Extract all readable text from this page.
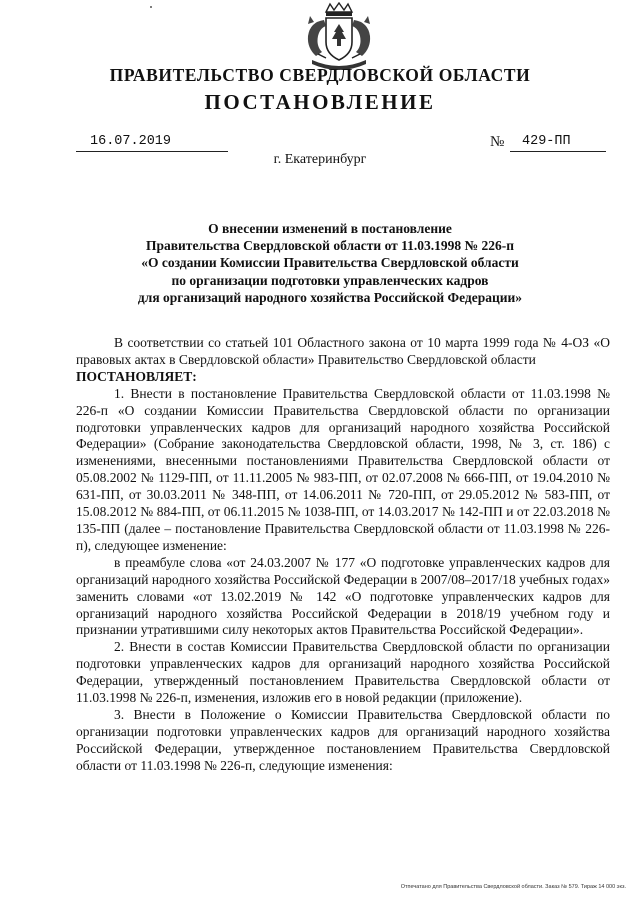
ПРАВИТЕЛЬСТВО СВЕРДЛОВСКОЙ ОБЛАСТИ
ПОСТАНОВЛЕНИЕ
16.07.2019	№ 429-ПП
г. Екатеринбург
О внесении изменений в постановление
Правительства Свердловской области от 11.03.1998 № 226-п
«О создании Комиссии Правительства Свердловской области
по организации подготовки управленческих кадров
для организаций народного хозяйства Российской Федерации»

В соответствии со статьей 101 Областного закона от 10 марта 1999 года № 4-ОЗ «О правовых актах в Свердловской области» Правительство Свердловской области

ПОСТАНОВЛЯЕТ:

1. Внести в постановление Правительства Свердловской области от 11.03.1998 № 226-п «О создании Комиссии Правительства Свердловской области по организации подготовки управленческих кадров для организаций народного хозяйства Российской Федерации» (Собрание законодательства Свердловской области, 1998, № 3, ст. 186) с изменениями, внесенными постановлениями Правительства Свердловской области от 05.08.2002 № 1129-ПП, от 11.11.2005 № 983-ПП, от 02.07.2008 № 666-ПП, от 19.04.2010 № 631-ПП, от 30.03.2011 № 348-ПП, от 14.06.2011 № 720-ПП, от 29.05.2012 № 583-ПП, от 15.08.2012 № 884-ПП, от 06.11.2015 № 1038-ПП, от 14.03.2017 № 142-ПП и от 22.03.2018 № 135-ПП (далее – постановление Правительства Свердловской области от 11.03.1998 № 226-п), следующее изменение:

в преамбуле слова «от 24.03.2007 № 177 «О подготовке управленческих кадров для организаций народного хозяйства Российской Федерации в 2007/08–2017/18 учебных годах» заменить словами «от 13.02.2019 № 142 «О подготовке управленческих кадров для организаций народного хозяйства Российской Федерации в 2018/19 учебном году и признании утратившими силу некоторых актов Правительства Российской Федерации».

2. Внести в состав Комиссии Правительства Свердловской области по организации подготовки управленческих кадров для организаций народного хозяйства Российской Федерации, утвержденный постановлением Правительства Свердловской области от 11.03.1998 № 226-п, изменения, изложив его в новой редакции (приложение).

3. Внести в Положение о Комиссии Правительства Свердловской области по организации подготовки управленческих кадров для организаций народного хозяйства Российской Федерации, утвержденное постановлением Правительства Свердловской области от 11.03.1998 № 226-п, следующие изменения:

Отпечатано для Правительства Свердловской области. Заказ № 579. Тираж 14 000 экз.
